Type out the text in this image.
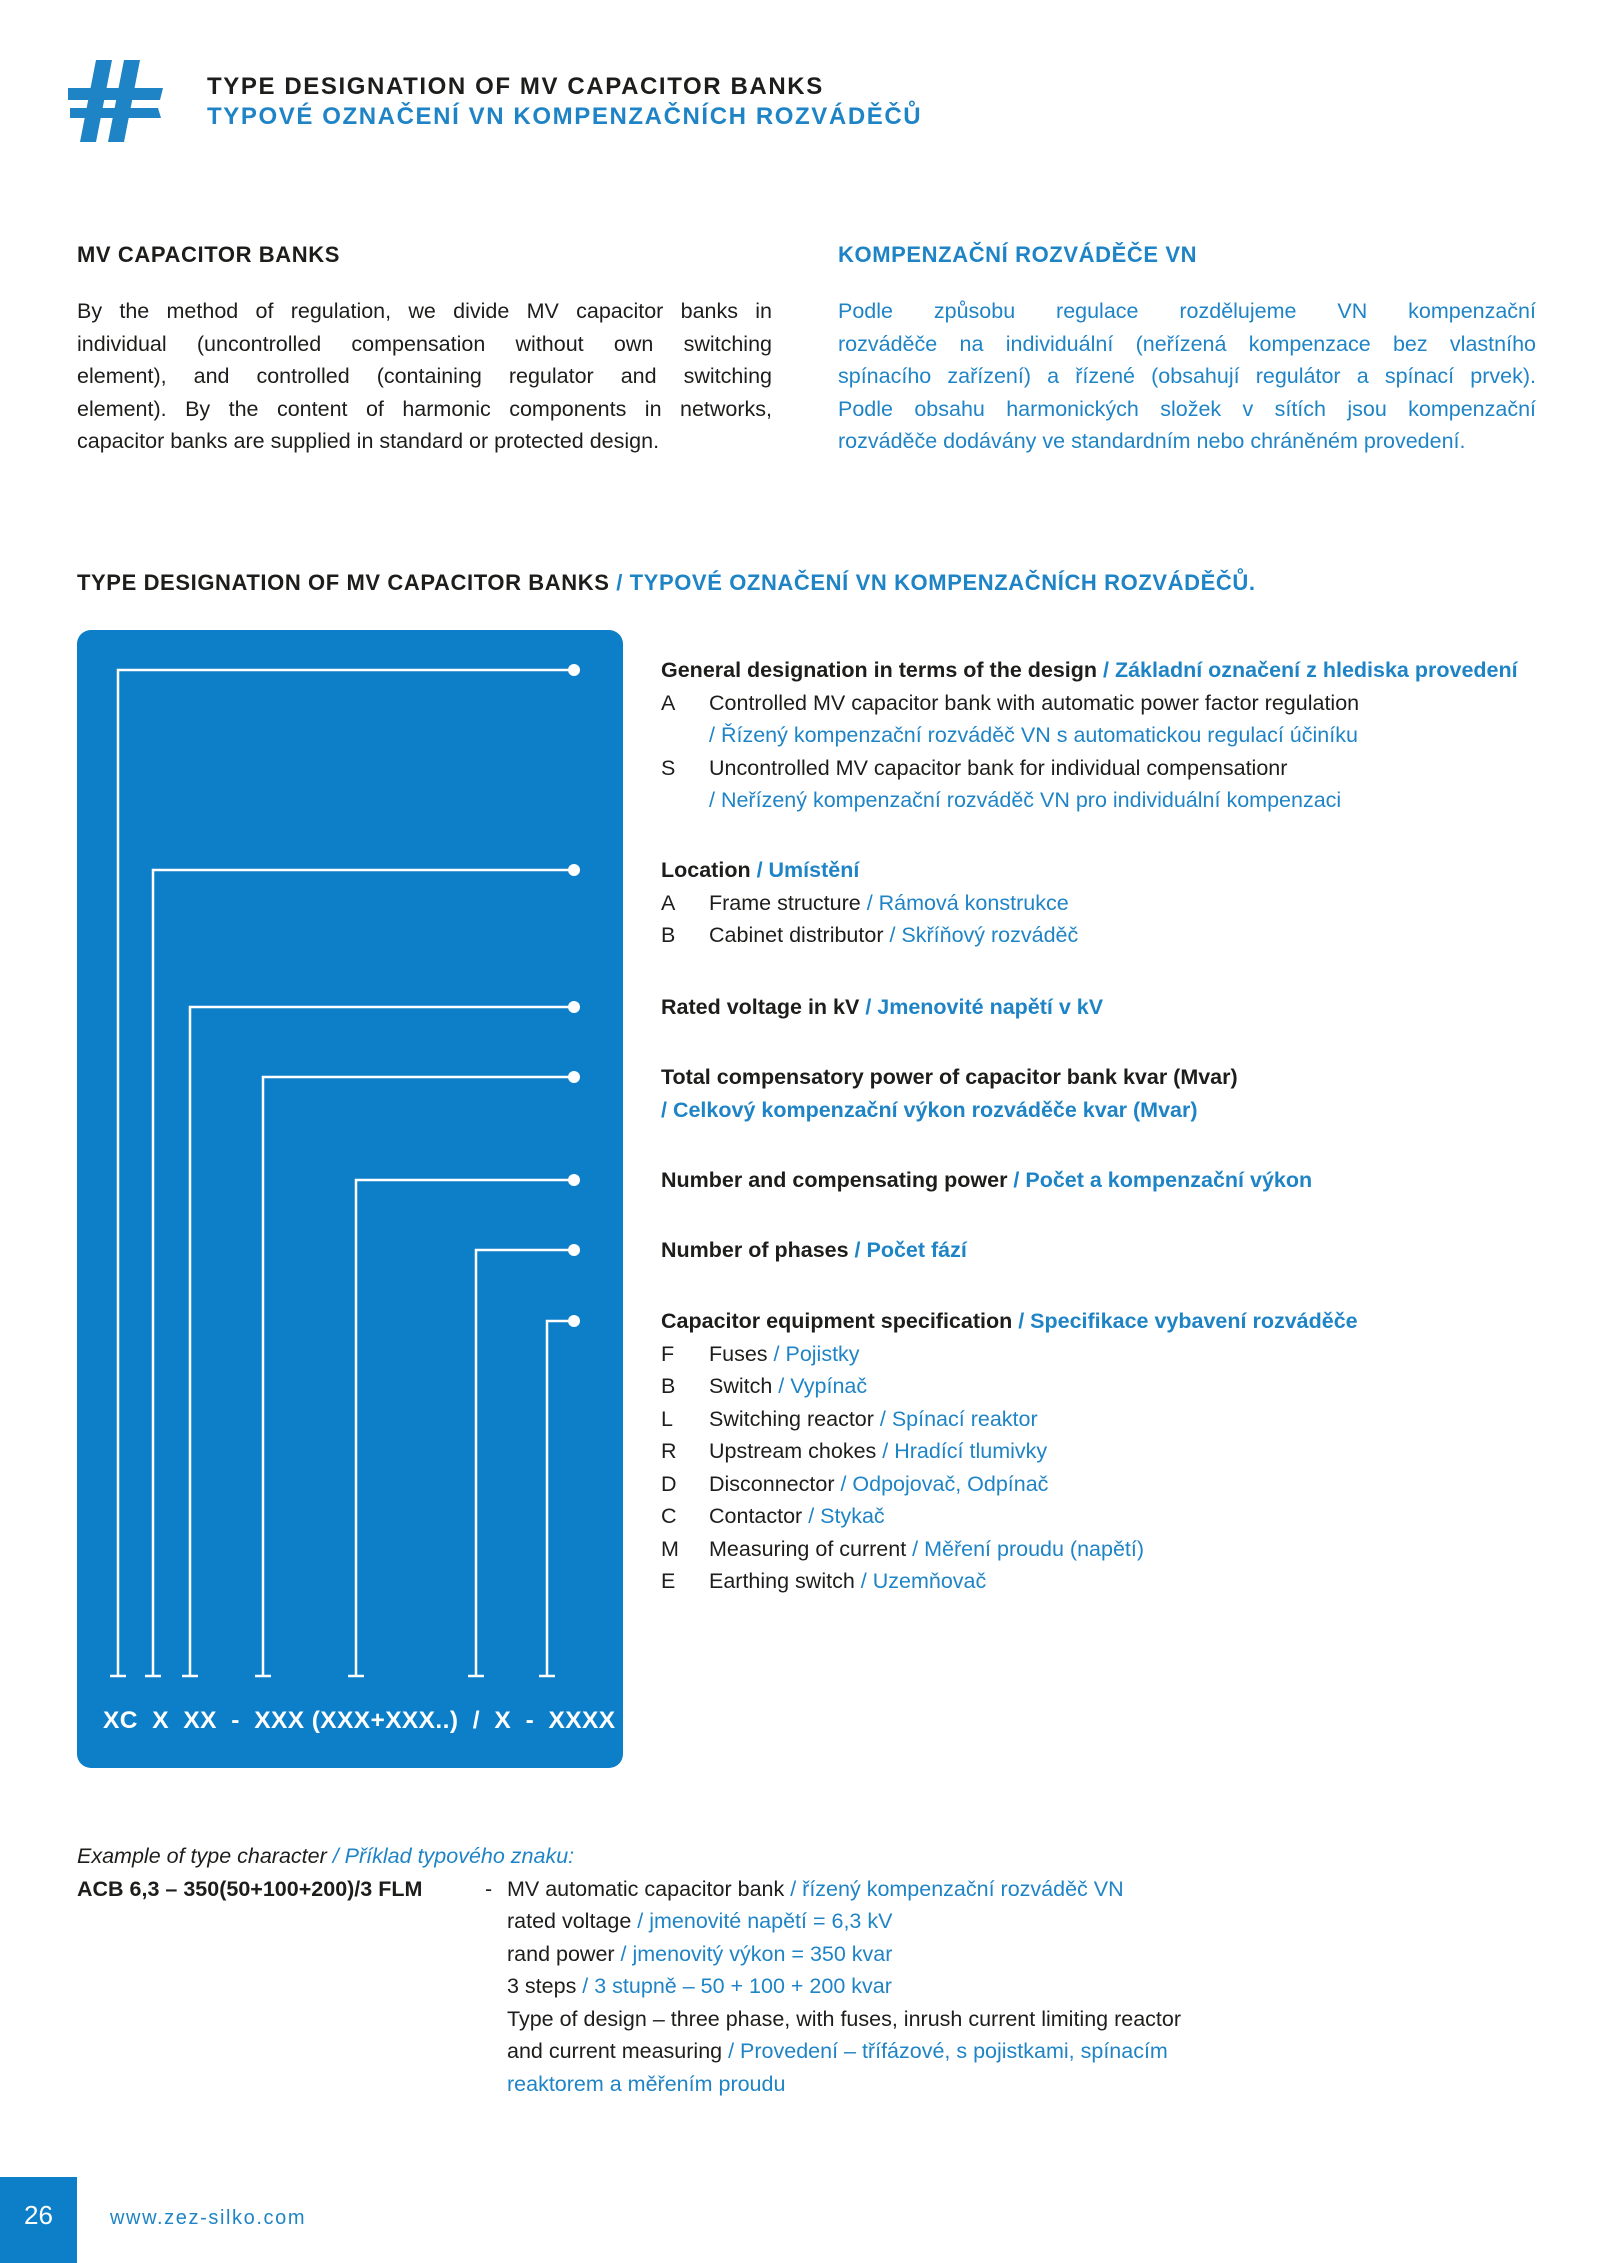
TYPE DESIGNATION OF MV CAPACITOR BANKS
TYPOVÉ OZNAČENÍ VN KOMPENZAČNÍCH ROZVÁDĚČŮ
MV CAPACITOR BANKS
By the method of regulation, we divide MV capacitor banks in
individual (uncontrolled compensation without own switching
element), and controlled (containing regulator and switching
element). By the content of harmonic components in networks,
capacitor banks are supplied in standard or protected design.
KOMPENZAČNÍ ROZVÁDĚČE VN
Podle způsobu regulace rozdělujeme VN kompenzační
rozváděče na individuální (neřízená kompenzace bez vlastního
spínacího zařízení) a řízené (obsahují regulátor a spínací prvek).
Podle obsahu harmonických složek v sítích jsou kompenzační
rozváděče dodávány ve standardním nebo chráněném provedení.
TYPE DESIGNATION OF MV CAPACITOR BANKS / TYPOVÉ OZNAČENÍ VN KOMPENZAČNÍCH ROZVÁDĚČŮ.
XC  X  XX  -  XXX (XXX+XXX..)  /  X  -  XXXX
General designation in terms of the design / Základní označení z hlediska provedení
A Controlled MV capacitor bank with automatic power factor regulation
/ Řízený kompenzační rozváděč VN s automatickou regulací účiníku
S Uncontrolled MV capacitor bank for individual compensationr
/ Neřízený kompenzační rozváděč VN pro individuální kompenzaci
Location / Umístění
A Frame structure / Rámová konstrukce
B Cabinet distributor / Skříňový rozváděč
Rated voltage in kV / Jmenovité napětí v kV
Total compensatory power of capacitor bank kvar (Mvar)
/ Celkový kompenzační výkon rozváděče kvar (Mvar)
Number and compensating power / Počet a kompenzační výkon
Number of phases / Počet fází
Capacitor equipment specification / Specifikace vybavení rozváděče
F Fuses / Pojistky
B Switch / Vypínač
L Switching reactor / Spínací reaktor
R Upstream chokes / Hradící tlumivky
D Disconnector / Odpojovač, Odpínač
C Contactor / Stykač
M Measuring of current / Měření proudu (napětí)
E Earthing switch / Uzemňovač
Example of type character / Příklad typového znaku:
ACB 6,3 – 350(50+100+200)/3 FLM	- MV automatic capacitor bank / řízený kompenzační rozváděč VN
rated voltage / jmenovité napětí = 6,3 kV
rand power / jmenovitý výkon = 350 kvar
3 steps / 3 stupně – 50 + 100 + 200 kvar
Type of design – three phase, with fuses, inrush current limiting reactor
and current measuring / Provedení – třífázové, s pojistkami, spínacím
reaktorem a měřením proudu
26	www.zez-silko.com
